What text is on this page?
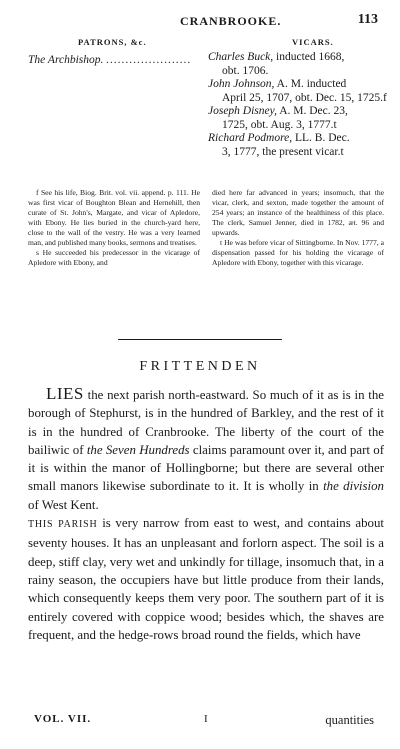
CRANBROOKE.	113
PATRONS, &c.	VICARS.
The Archbishop. ......................	Charles Buck, inducted 1668,
obt. 1706.
John Johnson, A. M. inducted
April 25, 1707, obt. Dec. 15, 1725.f
Joseph Disney, A. M. Dec. 23,
1725, obt. Aug. 3, 1777.t
Richard Podmore, LL. B. Dec.
3, 1777, the present vicar.t

f See his life, Biog. Brit. vol. vii. append. p. 111. He was first vicar of Boughton Blean and Hernehill, then curate of St. John's, Margate, and vicar of Apledore, with Ebony. He lies buried in the church-yard here, close to the wall of the vestry. He was a very learned man, and published many books, sermons and treatises.

s He succeeded his predecessor in the vicarage of Apledore with Ebony, and

died here far advanced in years; insomuch, that the vicar, clerk, and sexton, made together the amount of 254 years; an instance of the healthiness of this place. The clerk, Samuel Jenner, died in 1782, æt. 96 and upwards.

t He was before vicar of Sittingborne. In Nov. 1777, a dispensation passed for his holding the vicarage of Apledore with Ebony, together with this vicarage.

FRITTENDEN

LIES the next parish north-eastward. So much of it as is in the borough of Stephurst, is in the hundred of Barkley, and the rest of it is in the hundred of Cranbrooke. The liberty of the court of the bailiwic of the Seven Hundreds claims paramount over it, and part of it is within the manor of Hollingborne; but there are several other small manors likewise subordinate to it. It is wholly in the division of West Kent.

THIS PARISH is very narrow from east to west, and contains about seventy houses. It has an unpleasant and forlorn aspect. The soil is a deep, stiff clay, very wet and unkindly for tillage, insomuch that, in a rainy season, the occupiers have but little produce from their lands, which consequently keeps them very poor. The southern part of it is entirely covered with coppice wood; besides which, the shaves are frequent, and the hedge-rows broad round the fields, which have

VOL. VII.	I	quantities
